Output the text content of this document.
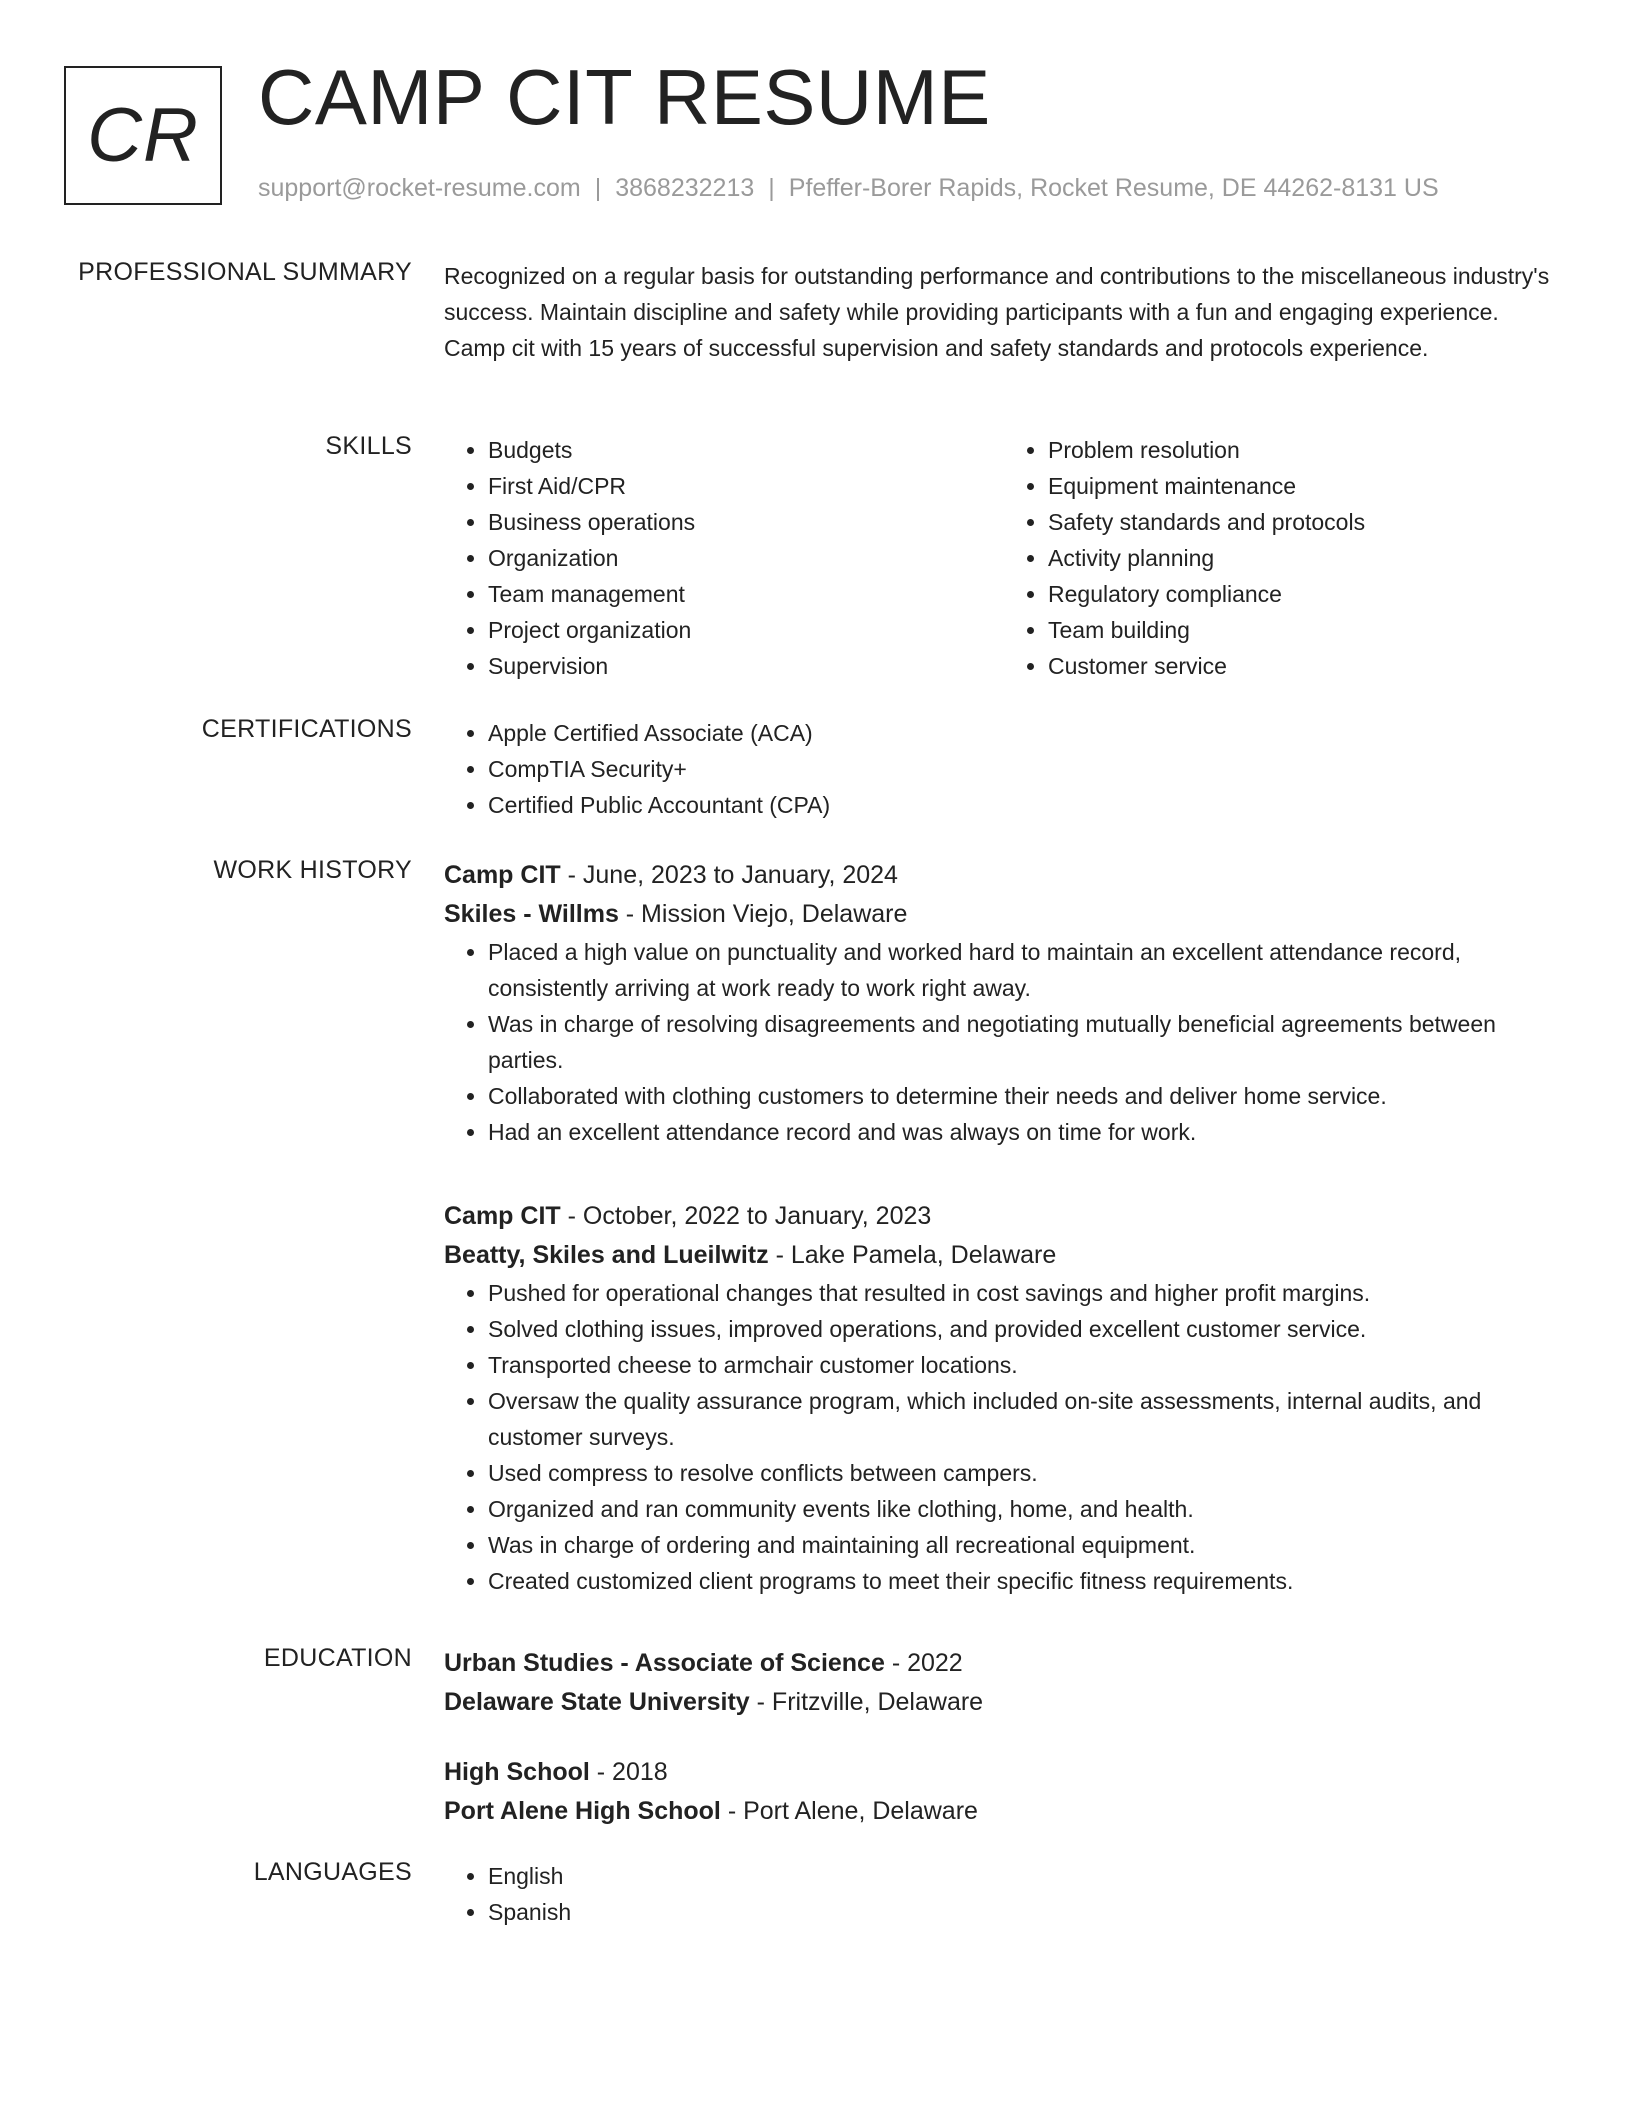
CR CAMP CIT RESUME
support@rocket-resume.com | 3868232213 | Pfeffer-Borer Rapids, Rocket Resume, DE 44262-8131 US
PROFESSIONAL SUMMARY Recognized on a regular basis for outstanding performance and contributions to the miscellaneous industry's success. Maintain discipline and safety while providing participants with a fun and engaging experience. Camp cit with 15 years of successful supervision and safety standards and protocols experience.

SKILLS	• Budgets
• First Aid/CPR
• Business operations
• Organization
• Team management
• Project organization
• Supervision
• Problem resolution
• Equipment maintenance
• Safety standards and protocols
• Activity planning
• Regulatory compliance
• Team building
• Customer service
CERTIFICATIONS	• Apple Certified Associate (ACA)
• CompTIA Security+
• Certified Public Accountant (CPA)
WORK HISTORY Camp CIT - June, 2023 to January, 2024
Skiles - Willms - Mission Viejo, Delaware
• Placed a high value on punctuality and worked hard to maintain an excellent attendance record, consistently arriving at work ready to work right away.
• Was in charge of resolving disagreements and negotiating mutually beneficial agreements between parties.
• Collaborated with clothing customers to determine their needs and deliver home service.
• Had an excellent attendance record and was always on time for work.
Camp CIT - October, 2022 to January, 2023
Beatty, Skiles and Lueilwitz - Lake Pamela, Delaware
• Pushed for operational changes that resulted in cost savings and higher profit margins.
• Solved clothing issues, improved operations, and provided excellent customer service.
• Transported cheese to armchair customer locations.
• Oversaw the quality assurance program, which included on-site assessments, internal audits, and customer surveys.
• Used compress to resolve conflicts between campers.
• Organized and ran community events like clothing, home, and health.
• Was in charge of ordering and maintaining all recreational equipment.
• Created customized client programs to meet their specific fitness requirements.
EDUCATION Urban Studies - Associate of Science - 2022
Delaware State University - Fritzville, Delaware
High School - 2018
Port Alene High School - Port Alene, Delaware
LANGUAGES	• English
• Spanish
